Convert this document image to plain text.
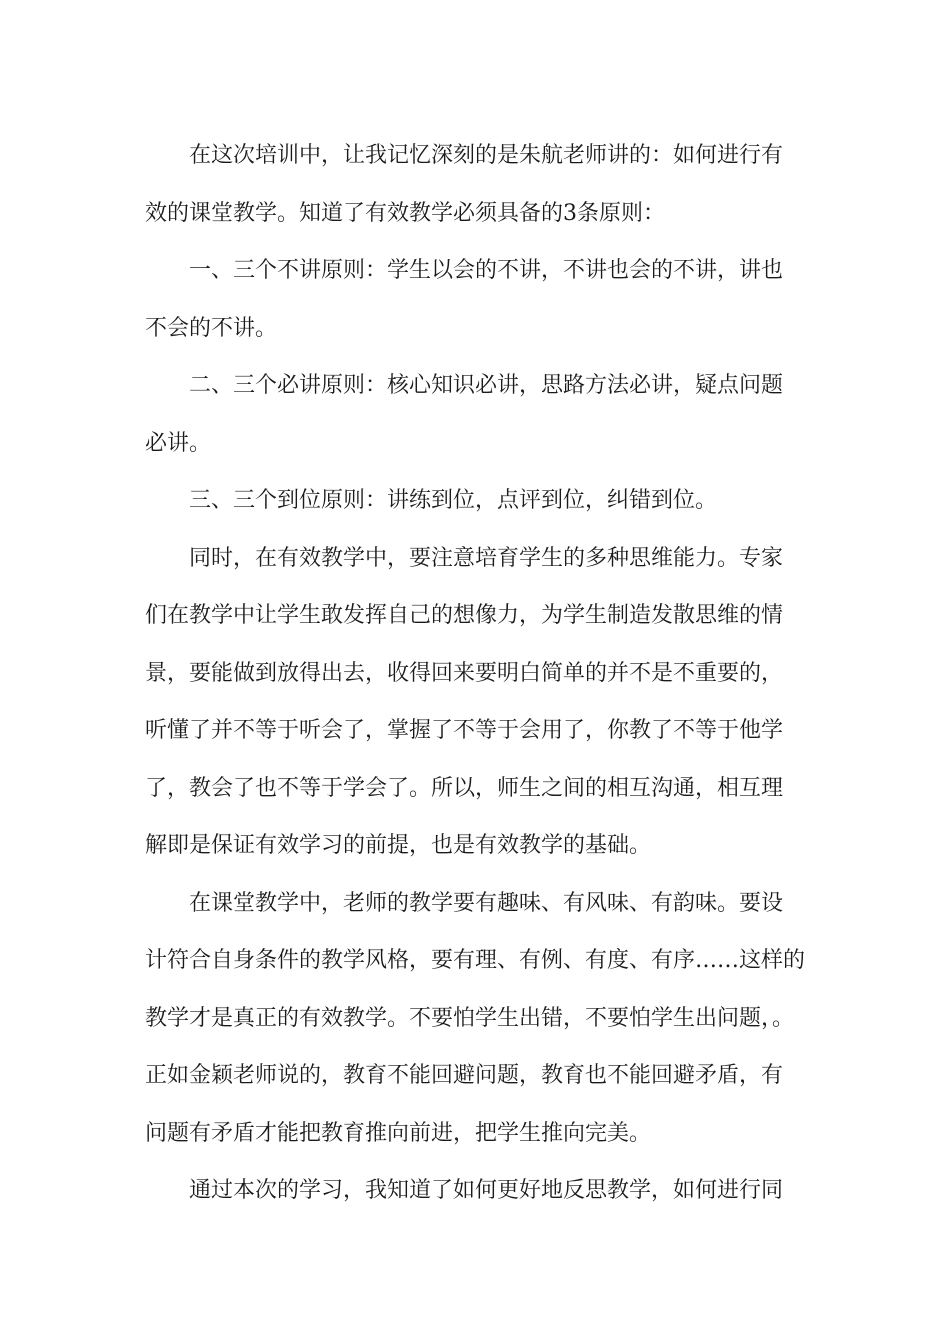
在这次培训中，让我记忆深刻的是朱航老师讲的：如何进行有
效的课堂教学。知道了有效教学必须具备的3条原则：

一、三个不讲原则：学生以会的不讲，不讲也会的不讲，讲也
不会的不讲。

二、三个必讲原则：核心知识必讲，思路方法必讲，疑点问题
必讲。

三、三个到位原则：讲练到位，点评到位，纠错到位。

同时，在有效教学中，要注意培育学生的多种思维能力。专家
们在教学中让学生敢发挥自己的想像力，为学生制造发散思维的情
景，要能做到放得出去，收得回来要明白简单的并不是不重要的，
听懂了并不等于听会了，掌握了不等于会用了，你教了不等于他学
了，教会了也不等于学会了。所以，师生之间的相互沟通，相互理
解即是保证有效学习的前提，也是有效教学的基础。

在课堂教学中，老师的教学要有趣味、有风味、有韵味。要设
计符合自身条件的教学风格，要有理、有例、有度、有序……这样的
教学才是真正的有效教学。不要怕学生出错，不要怕学生出问题，。
正如金颖老师说的，教育不能回避问题，教育也不能回避矛盾，有
问题有矛盾才能把教育推向前进，把学生推向完美。

通过本次的学习，我知道了如何更好地反思教学，如何进行同
